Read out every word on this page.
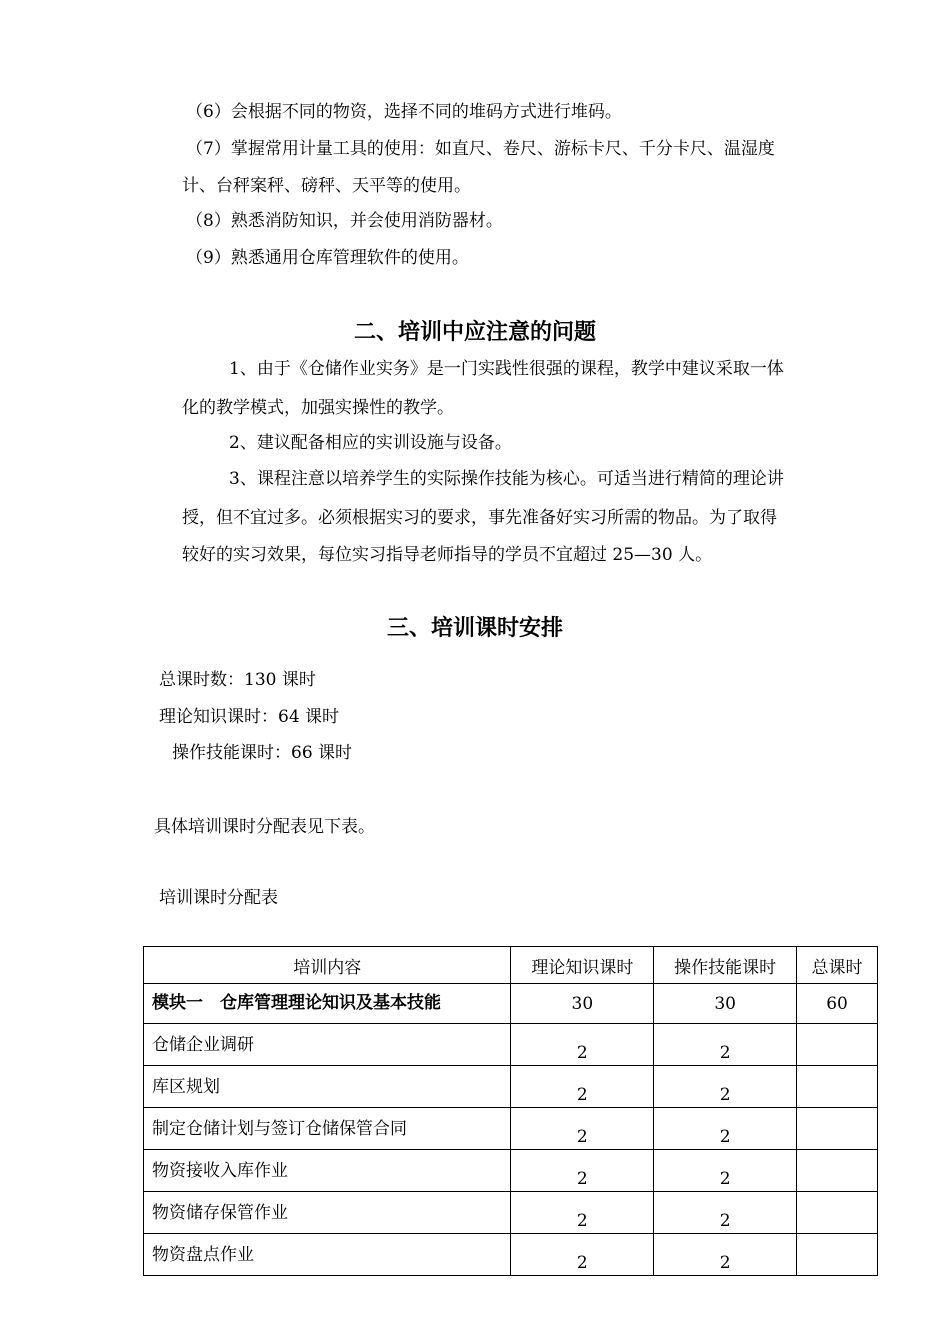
（6）会根据不同的物资，选择不同的堆码方式进行堆码。
（7）掌握常用计量工具的使用：如直尺、卷尺、游标卡尺、千分卡尺、温湿度
计、台秤案秤、磅秤、天平等的使用。
（8）熟悉消防知识，并会使用消防器材。
（9）熟悉通用仓库管理软件的使用。
二、培训中应注意的问题
1、由于《仓储作业实务》是一门实践性很强的课程，教学中建议采取一体
化的教学模式，加强实操性的教学。
2、建议配备相应的实训设施与设备。
3、课程注意以培养学生的实际操作技能为核心。可适当进行精简的理论讲
授，但不宜过多。必须根据实习的要求，事先准备好实习所需的物品。为了取得
较好的实习效果，每位实习指导老师指导的学员不宜超过 25—30 人。
三、培训课时安排
总课时数：130 课时
理论知识课时：64 课时
操作技能课时：66 课时
具体培训课时分配表见下表。
培训课时分配表
培训内容	理论知识课时	操作技能课时	总课时
模块一　仓库管理理论知识及基本技能	30	30	60
仓储企业调研	2	2	
库区规划	2	2	
制定仓储计划与签订仓储保管合同	2	2	
物资接收入库作业	2	2	
物资储存保管作业	2	2	
物资盘点作业	2	2	
